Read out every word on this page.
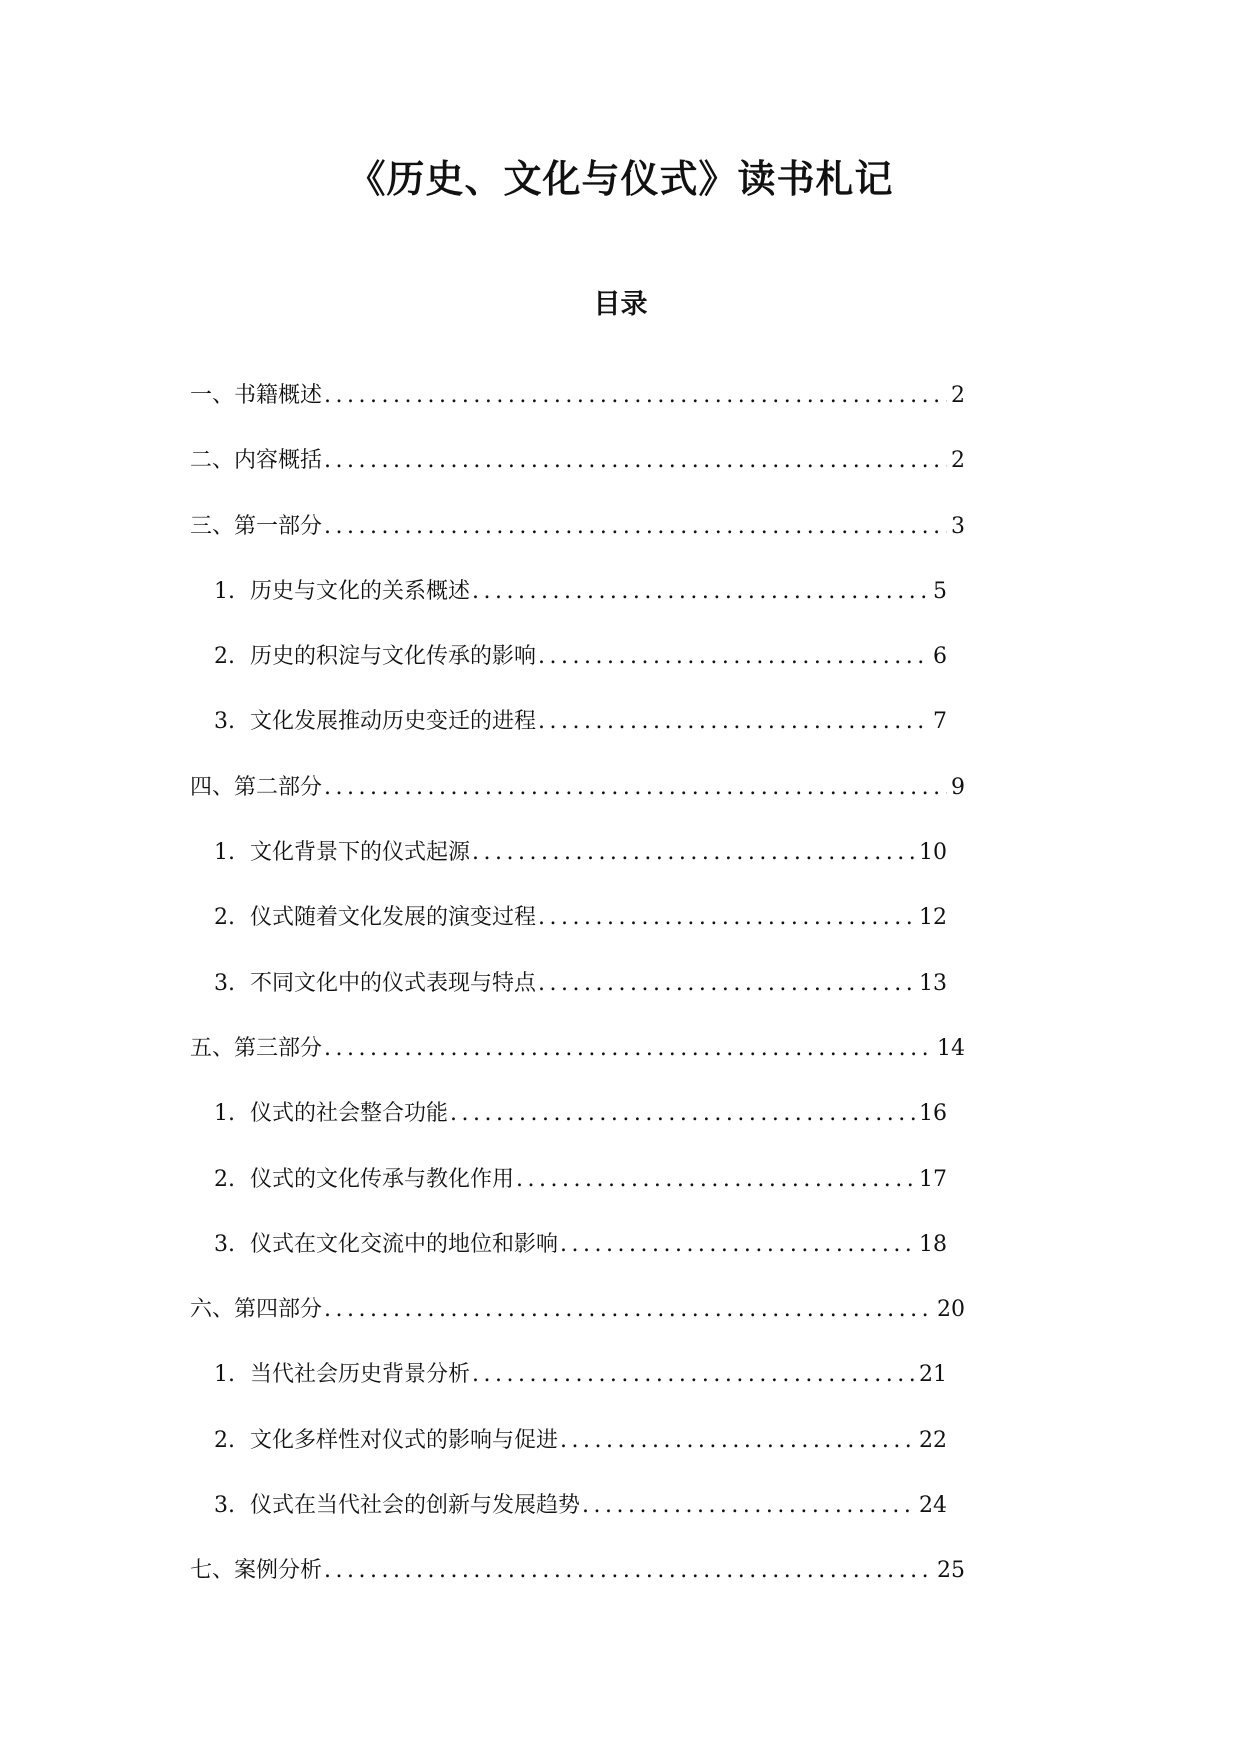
《历史、文化与仪式》读书札记
目录
一、书籍概述 .....	2
二、内容概括 .....	2
三、第一部分 .....	3
1. 历史与文化的关系概述 .....	5
2. 历史的积淀与文化传承的影响 .....	6
3. 文化发展推动历史变迁的进程 .....	7
四、第二部分 .....	9
1. 文化背景下的仪式起源 .....	10
2. 仪式随着文化发展的演变过程 .....	12
3. 不同文化中的仪式表现与特点 .....	13
五、第三部分 .....	14
1. 仪式的社会整合功能 .....	16
2. 仪式的文化传承与教化作用 .....	17
3. 仪式在文化交流中的地位和影响 .....	18
六、第四部分 .....	20
1. 当代社会历史背景分析 .....	21
2. 文化多样性对仪式的影响与促进 .....	22
3. 仪式在当代社会的创新与发展趋势 .....	24
七、案例分析 .....	25
